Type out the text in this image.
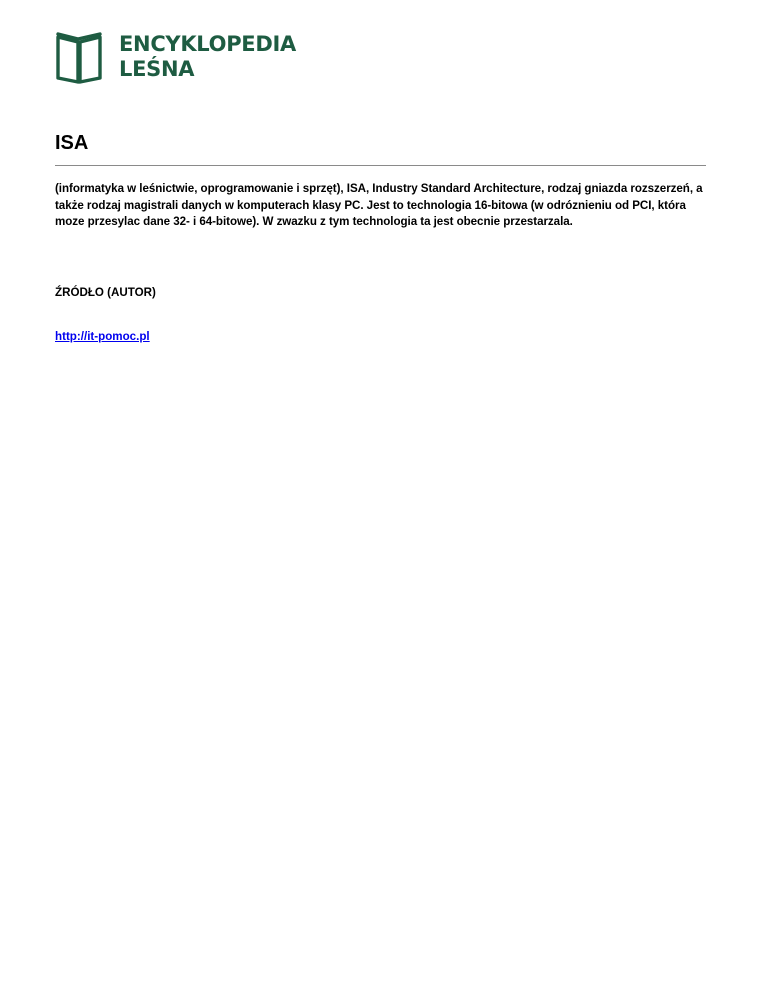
ENCYKLOPEDIA
LEŚNA
ISA

(informatyka w leśnictwie, oprogramowanie i sprzęt), ISA, Industry Standard Architecture, rodzaj gniazda rozszerzeń, a także rodzaj magistrali danych w komputerach klasy PC. Jest to technologia 16-bitowa (w odróznieniu od PCI, która moze przesylac dane 32- i 64-bitowe). W zwazku z tym technologia ta jest obecnie przestarzala.

ŹRÓDŁO (AUTOR)

http://it-pomoc.pl
